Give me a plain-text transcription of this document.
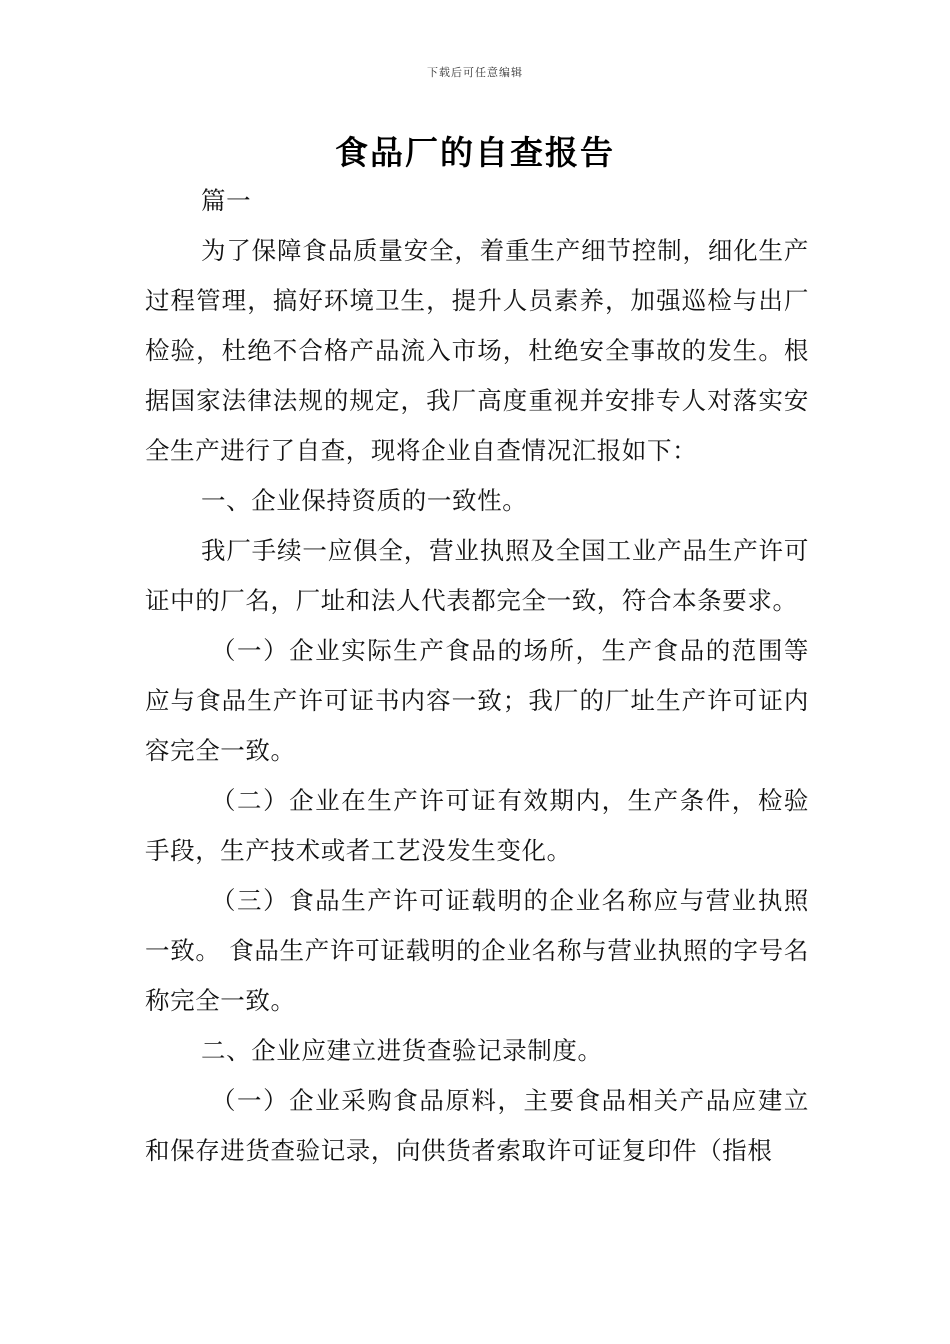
下载后可任意编辑
食品厂的自查报告

篇一

为了保障食品质量安全，着重生产细节控制，细化生产过程管理，搞好环境卫生，提升人员素养，加强巡检与出厂检验，杜绝不合格产品流入市场，杜绝安全事故的发生。根据国家法律法规的规定，我厂高度重视并安排专人对落实安全生产进行了自查，现将企业自查情况汇报如下：

一、企业保持资质的一致性。

我厂手续一应俱全，营业执照及全国工业产品生产许可证中的厂名，厂址和法人代表都完全一致，符合本条要求。

（一）企业实际生产食品的场所，生产食品的范围等应与食品生产许可证书内容一致；我厂的厂址生产许可证内容完全一致。

（二）企业在生产许可证有效期内，生产条件，检验手段，生产技术或者工艺没发生变化。

（三）食品生产许可证载明的企业名称应与营业执照一致。 食品生产许可证载明的企业名称与营业执照的字号名称完全一致。

二、企业应建立进货查验记录制度。

（一）企业采购食品原料，主要食品相关产品应建立和保存进货查验记录，向供货者索取许可证复印件（指根
